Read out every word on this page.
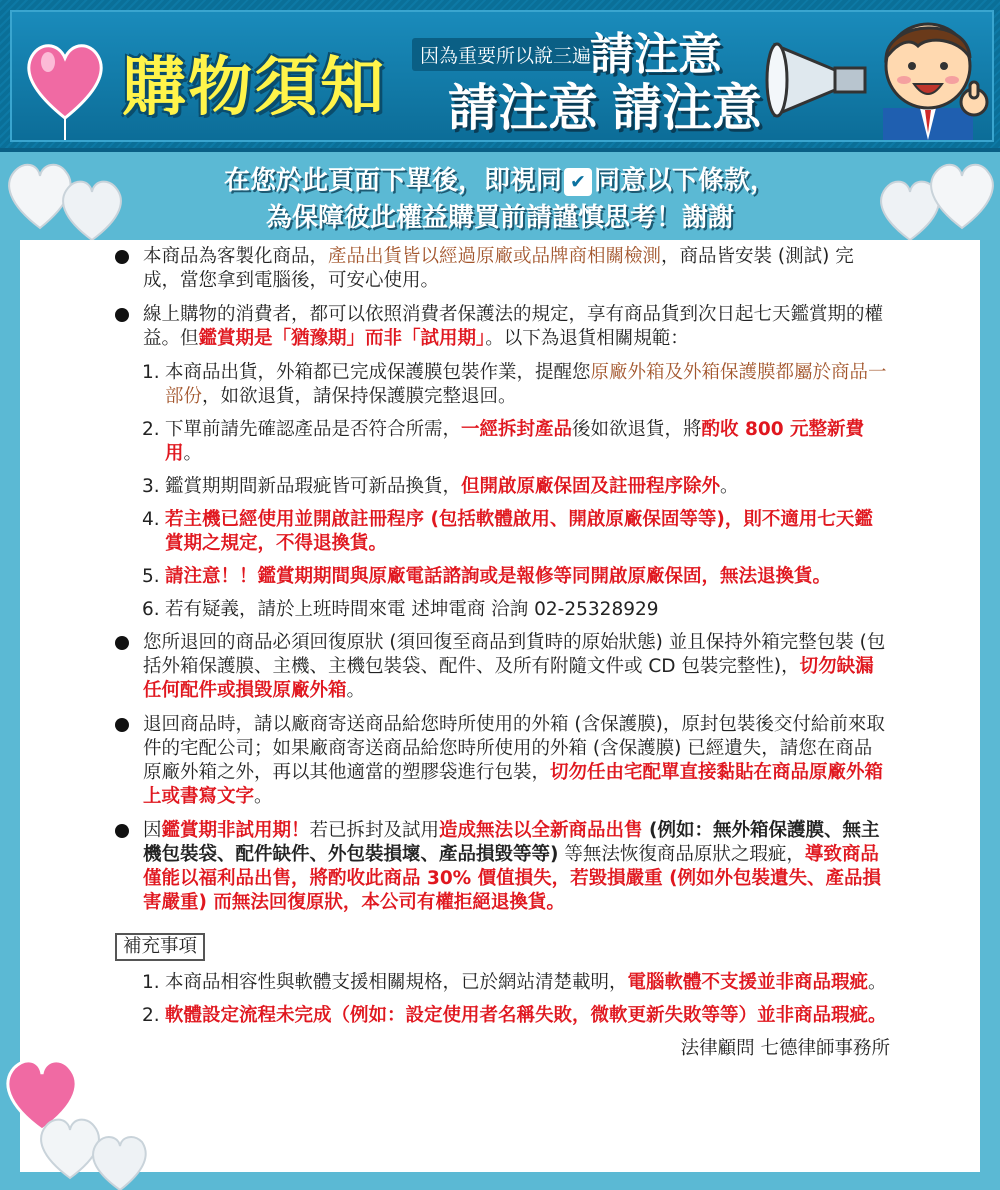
購物須知	因為重要所以說三遍
請注意
請注意 請注意
在您於此頁面下單後，即視同 ✔ 同意以下條款，
為保障彼此權益購買前請謹慎思考！謝謝
本商品為客製化商品，產品出貨皆以經過原廠或品牌商相關檢測，商品皆安裝 (測試) 完成，當您拿到電腦後，可安心使用。
線上購物的消費者，都可以依照消費者保護法的規定，享有商品貨到次日起七天鑑賞期的權益。但鑑賞期是「猶豫期」而非「試用期」。以下為退貨相關規範：
1. 本商品出貨，外箱都已完成保護膜包裝作業，提醒您原廠外箱及外箱保護膜都屬於商品一部份，如欲退貨，請保持保護膜完整退回。
2. 下單前請先確認產品是否符合所需，一經拆封產品後如欲退貨，將酌收 800 元整新費用。
3. 鑑賞期期間新品瑕疵皆可新品換貨，但開啟原廠保固及註冊程序除外。
4. 若主機已經使用並開啟註冊程序 (包括軟體啟用、開啟原廠保固等等)，則不適用七天鑑賞期之規定，不得退換貨。
5. 請注意！！鑑賞期期間與原廠電話諮詢或是報修等同開啟原廠保固，無法退換貨。
6. 若有疑義，請於上班時間來電 述坤電商 洽詢 02-25328929
您所退回的商品必須回復原狀 (須回復至商品到貨時的原始狀態) 並且保持外箱完整包裝 (包括外箱保護膜、主機、主機包裝袋、配件、及所有附隨文件或 CD 包裝完整性)，切勿缺漏任何配件或損毀原廠外箱。
退回商品時，請以廠商寄送商品給您時所使用的外箱 (含保護膜)，原封包裝後交付給前來取件的宅配公司；如果廠商寄送商品給您時所使用的外箱 (含保護膜) 已經遺失，請您在商品原廠外箱之外，再以其他適當的塑膠袋進行包裝，切勿任由宅配單直接黏貼在商品原廠外箱上或書寫文字。
因鑑賞期非試用期！若已拆封及試用造成無法以全新商品出售 (例如：無外箱保護膜、無主機包裝袋、配件缺件、外包裝損壞、產品損毀等等) 等無法恢復商品原狀之瑕疵，導致商品僅能以福利品出售，將酌收此商品 30% 價值損失，若毀損嚴重 (例如外包裝遺失、產品損害嚴重) 而無法回復原狀，本公司有權拒絕退換貨。
補充事項
1. 本商品相容性與軟體支援相關規格，已於網站清楚載明，電腦軟體不支援並非商品瑕疵。
2. 軟體設定流程未完成（例如：設定使用者名稱失敗，微軟更新失敗等等）並非商品瑕疵。
法律顧問 七德律師事務所
